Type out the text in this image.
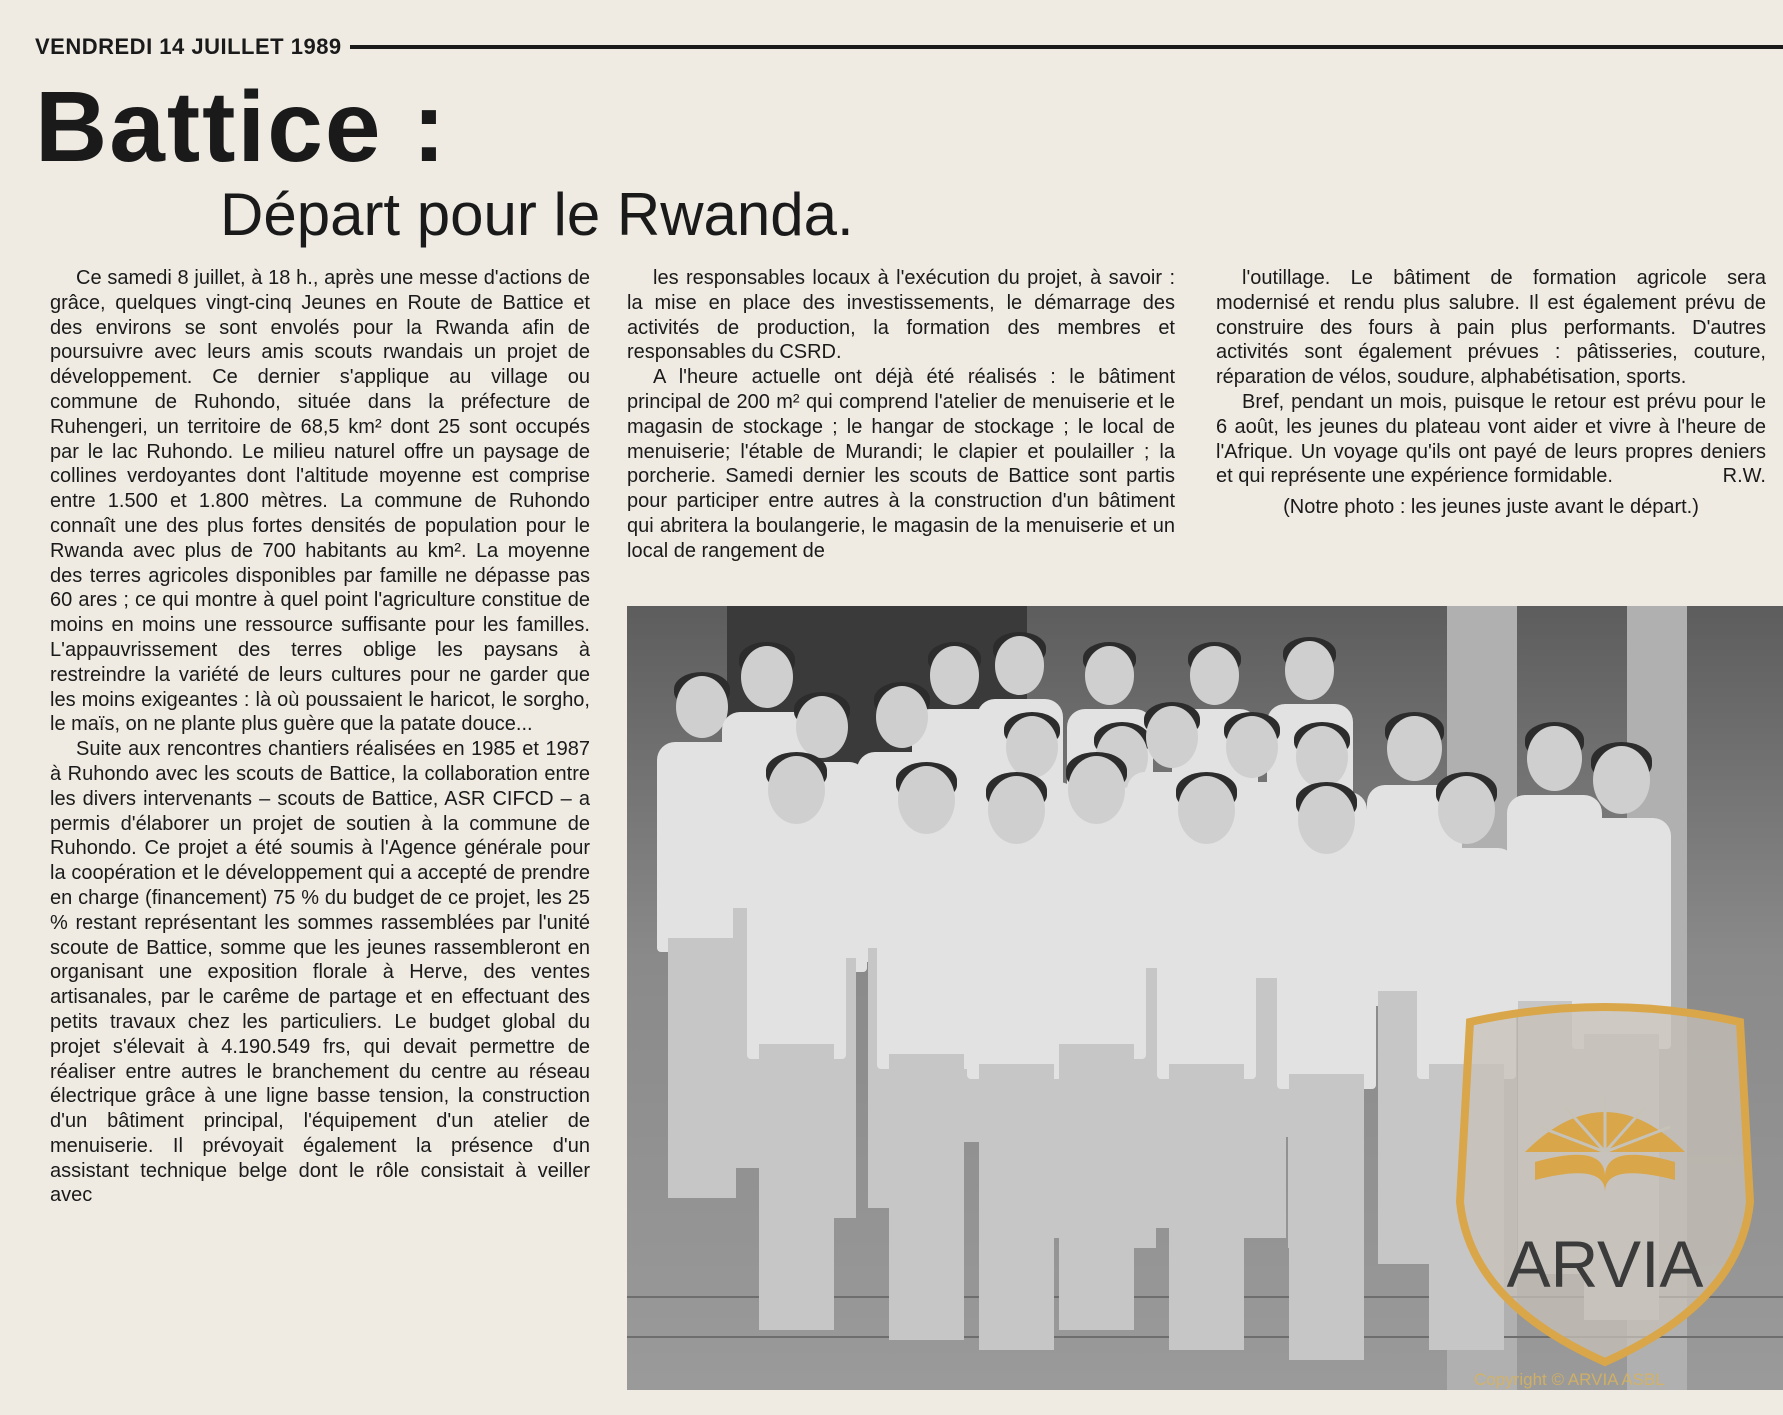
VENDREDI 14 JUILLET 1989
Battice :
Départ pour le Rwanda.

Ce samedi 8 juillet, à 18 h., après une messe d'actions de grâce, quelques vingt-cinq Jeunes en Route de Battice et des environs se sont envolés pour la Rwanda afin de poursuivre avec leurs amis scouts rwandais un projet de développement. Ce dernier s'applique au village ou commune de Ruhondo, située dans la préfecture de Ruhengeri, un territoire de 68,5 km² dont 25 sont occupés par le lac Ruhondo. Le milieu naturel offre un paysage de collines verdoyantes dont l'altitude moyenne est comprise entre 1.500 et 1.800 mètres. La commune de Ruhondo connaît une des plus fortes densités de population pour le Rwanda avec plus de 700 habitants au km². La moyenne des terres agricoles disponibles par famille ne dépasse pas 60 ares ; ce qui montre à quel point l'agriculture constitue de moins en moins une ressource suffisante pour les familles. L'appauvrissement des terres oblige les paysans à restreindre la variété de leurs cultures pour ne garder que les moins exigeantes : là où poussaient le haricot, le sorgho, le maïs, on ne plante plus guère que la patate douce...

Suite aux rencontres chantiers réalisées en 1985 et 1987 à Ruhondo avec les scouts de Battice, la collaboration entre les divers intervenants – scouts de Battice, ASR CIFCD – a permis d'élaborer un projet de soutien à la commune de Ruhondo. Ce projet a été soumis à l'Agence générale pour la coopération et le développement qui a accepté de prendre en charge (financement) 75 % du budget de ce projet, les 25 % restant représentant les sommes rassemblées par l'unité scoute de Battice, somme que les jeunes rassembleront en organisant une exposition florale à Herve, des ventes artisanales, par le carême de partage et en effectuant des petits travaux chez les particuliers. Le budget global du projet s'élevait à 4.190.549 frs, qui devait permettre de réaliser entre autres le branchement du centre au réseau électrique grâce à une ligne basse tension, la construction d'un bâtiment principal, l'équipement d'un atelier de menuiserie. Il prévoyait également la présence d'un assistant technique belge dont le rôle consistait à veiller avec

les responsables locaux à l'exécution du projet, à savoir : la mise en place des investissements, le démarrage des activités de production, la formation des membres et responsables du CSRD.

A l'heure actuelle ont déjà été réalisés : le bâtiment principal de 200 m² qui comprend l'atelier de menuiserie et le magasin de stockage ; le hangar de stockage ; le local de menuiserie; l'étable de Murandi; le clapier et poulailler ; la porcherie. Samedi dernier les scouts de Battice sont partis pour participer entre autres à la construction d'un bâtiment qui abritera la boulangerie, le magasin de la menuiserie et un local de rangement de

l'outillage. Le bâtiment de formation agricole sera modernisé et rendu plus salubre. Il est également prévu de construire des fours à pain plus performants. D'autres activités sont également prévues : pâtisseries, couture, réparation de vélos, soudure, alphabétisation, sports.

Bref, pendant un mois, puisque le retour est prévu pour le 6 août, les jeunes du plateau vont aider et vivre à l'heure de l'Afrique. Un voyage qu'ils ont payé de leurs propres deniers et qui représente une expérience formidable.	R.W.

(Notre photo : les jeunes juste avant le départ.)

ARVIA
Copyright © ARVIA ASBL
